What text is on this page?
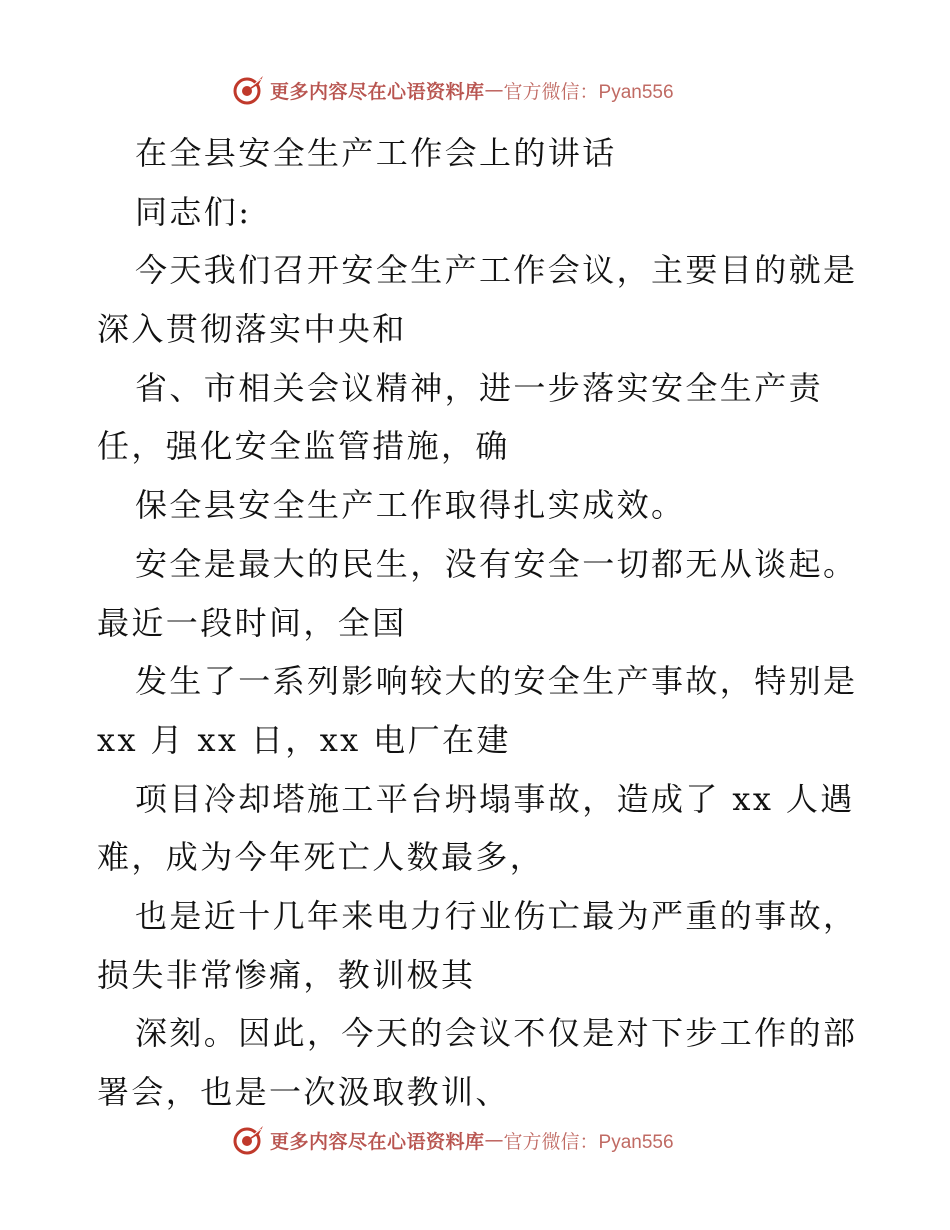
更多内容尽在心语资料库 — 官方微信：Pyan556
在全县安全生产工作会上的讲话
同志们:
今天我们召开安全生产工作会议，主要目的就是
深入贯彻落实中央和
省、市相关会议精神，进一步落实安全生产责
任，强化安全监管措施，确
保全县安全生产工作取得扎实成效。
安全是最大的民生，没有安全一切都无从谈起。
最近一段时间，全国
发生了一系列影响较大的安全生产事故，特别是
xx 月 xx 日，xx 电厂在建
项目冷却塔施工平台坍塌事故，造成了 xx 人遇
难，成为今年死亡人数最多，
也是近十几年来电力行业伤亡最为严重的事故，
损失非常惨痛，教训极其
深刻。因此，今天的会议不仅是对下步工作的部
署会，也是一次汲取教训、
更多内容尽在心语资料库 — 官方微信：Pyan556
